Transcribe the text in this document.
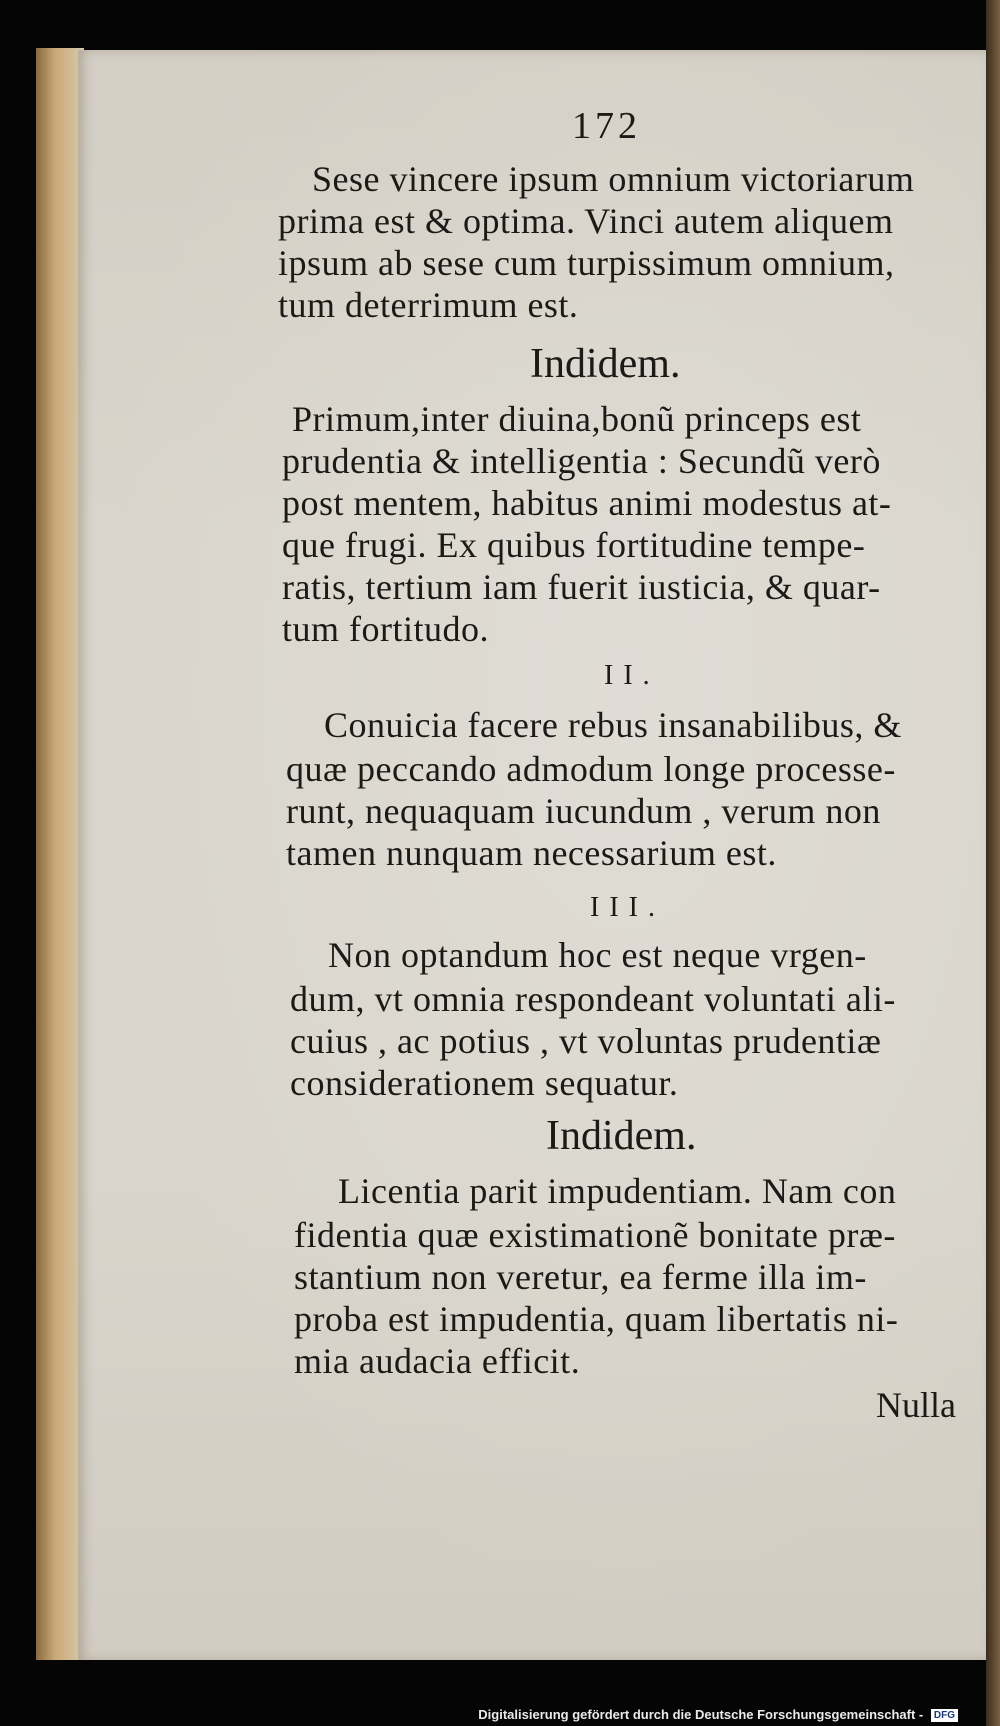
172
Sese vincere ipsum omnium victoriarum
prima est & optima. Vinci autem aliquem
ipsum ab sese cum turpissimum omnium,
tum deterrimum est.
Indidem.
Primum,inter diuina,bonũ princeps est
prudentia & intelligentia : Secundũ verò
post mentem, habitus animi modestus at-
que frugi. Ex quibus fortitudine tempe-
ratis, tertium iam fuerit iusticia, & quar-
tum fortitudo.
II.
Conuicia facere rebus insanabilibus, &
quæ peccando admodum longe processe-
runt, nequaquam iucundum , verum non
tamen nunquam necessarium est.
III.
Non optandum hoc est neque vrgen-
dum, vt omnia respondeant voluntati ali-
cuius , ac potius , vt voluntas prudentiæ
considerationem sequatur.
Indidem.
Licentia parit impudentiam. Nam con
fidentia quæ existimationẽ bonitate præ-
stantium non veretur, ea ferme illa im-
proba est impudentia, quam libertatis ni-
mia audacia efficit.
Nulla
Digitalisierung gefördert durch die Deutsche Forschungsgemeinschaft - DFG
